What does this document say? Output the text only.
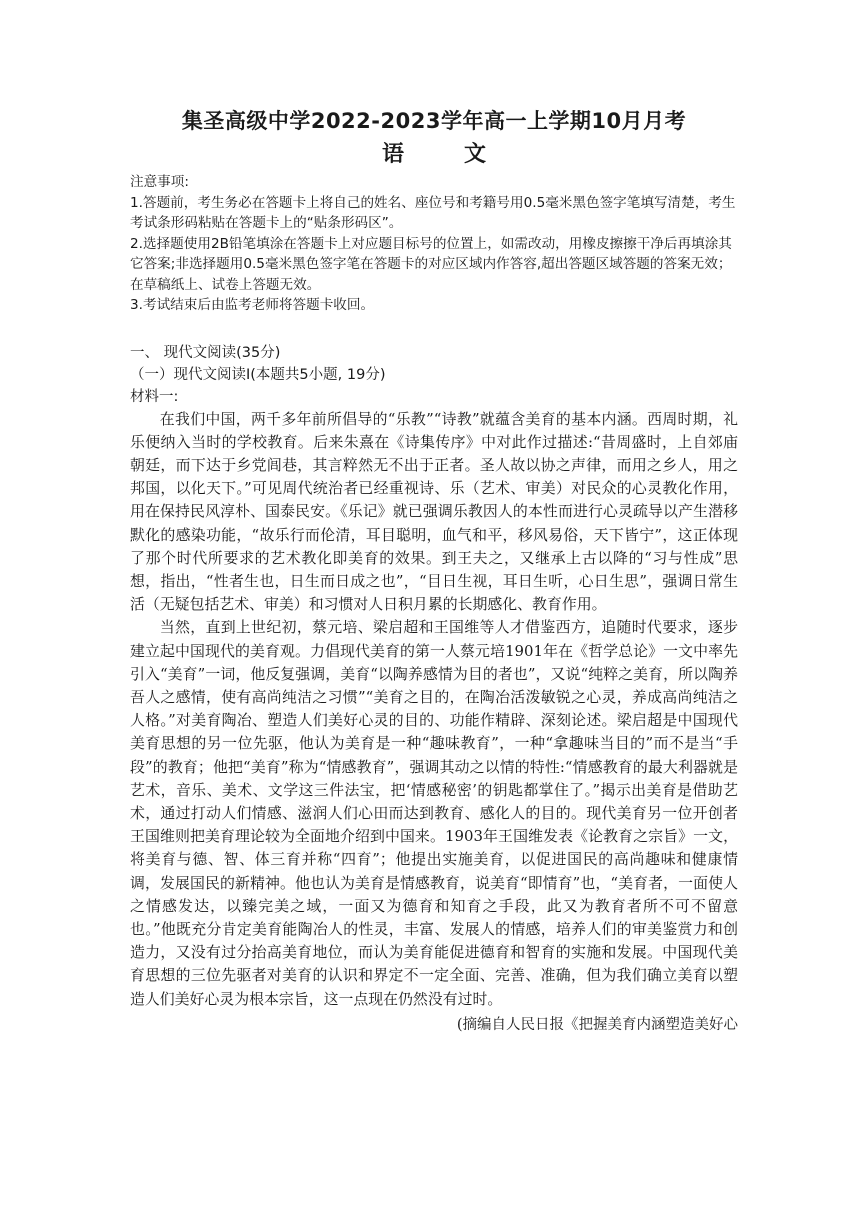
集圣高级中学2022-2023学年高一上学期10月月考
语文

注意事项:

1.答题前，考生务必在答题卡上将自己的姓名、座位号和考籍号用0.5毫米黑色签字笔填写清楚，考生考试条形码粘贴在答题卡上的“贴条形码区”。

2.选择题使用2B铅笔填涂在答题卡上对应题目标号的位置上，如需改动，用橡皮擦擦干净后再填涂其它答案;非选择题用0.5毫米黑色签字笔在答题卡的对应区域内作答容,超出答题区域答题的答案无效；在草稿纸上、试卷上答题无效。

3.考试结束后由监考老师将答题卡收回。

一、 现代文阅读(35分)

（一）现代文阅读Ⅰ(本题共5小题, 19分)

材料一:

在我们中国，两千多年前所倡导的“乐教”“诗教”就蕴含美育的基本内涵。西周时期，礼乐便纳入当时的学校教育。后来朱熹在《诗集传序》中对此作过描述:“昔周盛时，上自郊庙朝廷，而下达于乡党闾巷，其言粹然无不出于正者。圣人故以协之声律，而用之乡人，用之邦国，以化天下。”可见周代统治者已经重视诗、乐（艺术、审美）对民众的心灵教化作用，用在保持民风淳朴、国泰民安。《乐记》就已强调乐教因人的本性而进行心灵疏导以产生潜移默化的感染功能，“故乐行而伦清，耳目聪明，血气和平，移风易俗，天下皆宁”，这正体现了那个时代所要求的艺术教化即美育的效果。到王夫之，又继承上古以降的“习与性成”思想，指出，“性者生也，日生而日成之也”，“目日生视，耳日生听，心日生思”，强调日常生活（无疑包括艺术、审美）和习惯对人日积月累的长期感化、教育作用。

当然，直到上世纪初，蔡元培、梁启超和王国维等人才借鉴西方，追随时代要求，逐步建立起中国现代的美育观。力倡现代美育的第一人蔡元培1901年在《哲学总论》一文中率先引入“美育”一词，他反复强调，美育“以陶养感情为目的者也”，又说“纯粹之美育，所以陶养吾人之感情，使有高尚纯洁之习惯”“美育之目的，在陶冶活泼敏锐之心灵，养成高尚纯洁之人格。”对美育陶冶、塑造人们美好心灵的目的、功能作精辟、深刻论述。梁启超是中国现代美育思想的另一位先驱，他认为美育是一种“趣味教育”，一种“拿趣味当目的”而不是当“手段”的教育；他把“美育”称为“情感教育”，强调其动之以情的特性:“情感教育的最大利器就是艺术，音乐、美术、文学这三件法宝，把‘情感秘密’的钥匙都掌住了。”揭示出美育是借助艺术，通过打动人们情感、滋润人们心田而达到教育、感化人的目的。现代美育另一位开创者王国维则把美育理论较为全面地介绍到中国来。1903年王国维发表《论教育之宗旨》一文，将美育与德、智、体三育并称“四育”；他提出实施美育，以促进国民的高尚趣味和健康情调，发展国民的新精神。他也认为美育是情感教育，说美育“即情育”也，“美育者，一面使人之情感发达，以臻完美之域，一面又为德育和知育之手段，此又为教育者所不可不留意也。”他既充分肯定美育能陶冶人的性灵，丰富、发展人的情感，培养人们的审美鉴赏力和创造力，又没有过分抬高美育地位，而认为美育能促进德育和智育的实施和发展。中国现代美育思想的三位先驱者对美育的认识和界定不一定全面、完善、准确，但为我们确立美育以塑造人们美好心灵为根本宗旨，这一点现在仍然没有过时。

(摘编自人民日报《把握美育内涵塑造美好心
